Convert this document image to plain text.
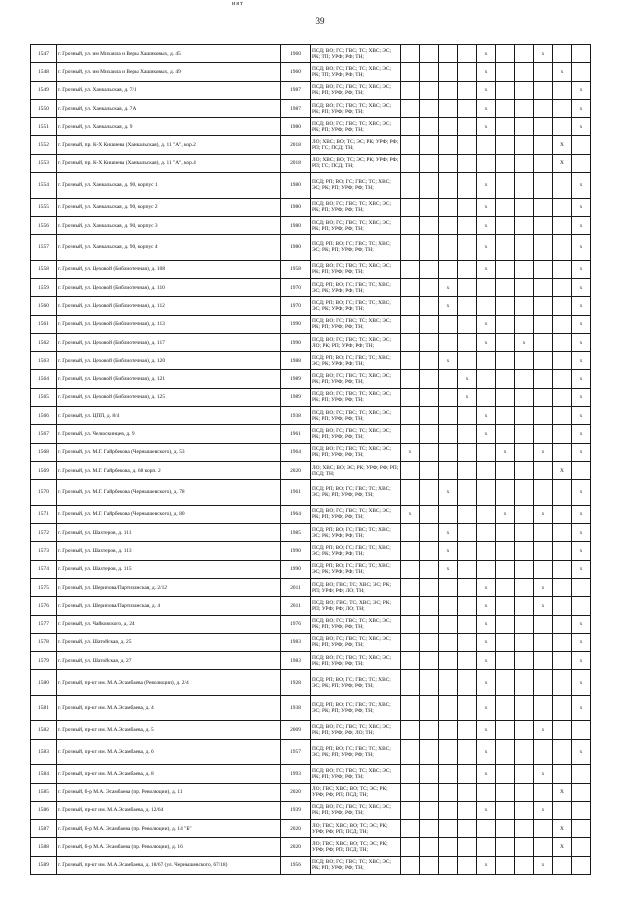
ият
39
1547	г. Грозный, ул. им Михаила и Веры Хашиковых, д. 45	1960	ПСД; ВО; ГС; ГВС; ТС; ХВС; ЭС; РК; ТП; УРФ; РФ; ТН;					x			x		
1548	г. Грозный, ул. им Михаила и Веры Хашиковых, д. 49	1960	ПСД; ВО; ГС; ГВС; ТС; ХВС; ЭС; РК; ТП; УРФ; РФ; ТН;					x				x	
1549	г. Грозный, ул. Ханкальская, д. 7/1	1987	ПСД; ВО; ГС; ГВС; ТС; ХВС; ЭС; РК; РП; УРФ; РФ; ТН;					x					x
1550	г. Грозный, ул. Ханкальская, д. 7А	1987	ПСД; ВО; ГС; ГВС; ТС; ХВС; ЭС; РК; РП; УРФ; РФ; ТН;					x					x
1551	г. Грозный, ул. Ханкальская, д. 9	1980	ПСД; ВО; ГС; ГВС; ТС; ХВС; ЭС; РК; РП; УРФ; РФ; ТН;					x					x
1552	г. Грозный, пр. К-Х Кишиева (Ханкальская), д. 11 "А", кор.2	2018	ЛО; ХВС; ВО; ТС; ЭС; РК; УРФ; РФ; РП; ГС; ПСД; ТН;									X	
1553	г. Грозный, пр. К-Х Кишиева (Ханкальская), д. 11 "А", кор.4	2018	ЛО; ХВС; ВО; ТС; ЭС; РК; УРФ; РФ; РП; ГС; ПСД; ТН;									X	
1554	г. Грозный, ул. Ханкальская, д. 90, корпус 1	1980	ПСД; РП; ВО; ГС; ГВС; ТС; ХВС; ЭС; РК; РП; УРФ; РФ; ТН;					x					x
1555	г. Грозный, ул. Ханкальская, д. 90, корпус 2	1980	ПСД; ВО; ГС; ГВС; ТС; ХВС; ЭС; РК; РП; УРФ; РФ; ТН;					x					x
1556	г. Грозный, ул. Ханкальская, д. 90, корпус 3	1980	ПСД; ВО; ГС; ГВС; ТС; ХВС; ЭС; РК; РП; УРФ; РФ; ТН;					x					x
1557	г. Грозный, ул. Ханкальская, д. 90, корпус 4	1980	ПСД; РП; ВО; ГС; ГВС; ТС; ХВС; ЭС; РК; РП; УРФ; РФ; ТН;					x					x
1558	г. Грозный, ул. Цеховой (Библиотечная), д. 108	1958	ПСД; ВО; ГС; ГВС; ТС; ХВС; ЭС; РК; РП; УРФ; РФ; ТН;					x					x
1559	г. Грозный, ул. Цеховой (Библиотечная), д. 110	1970	ПСД; РП; ВО; ГС; ГВС; ТС; ХВС; ЭС; РК; УРФ; РФ; ТН;			x							x
1560	г. Грозный, ул. Цеховой (Библиотечная), д. 112	1970	ПСД; РП; ВО; ГС; ГВС; ТС; ХВС; ЭС; РК; УРФ; РФ; ТН;			x							x
1561	г. Грозный, ул. Цеховой (Библиотечная), д. 113	1990	ПСД; ВО; ГС; ГВС; ТС; ХВС; ЭС; РК; РП; УРФ; РФ; ТН;					x					x
1562	г. Грозный, ул. Цеховой (Библиотечная), д. 117	1990	ПСД; ВО; ГС; ГВС; ТС; ХВС; ЭС; ЛО; РК; РП; УРФ; РФ; ТН;					x		x			x
1563	г. Грозный, ул. Цеховой (Библиотечная), д. 120	1988	ПСД; РП; ВО; ГС; ГВС; ТС; ХВС; ЭС; РК; УРФ; РФ; ТН;			x							x
1564	г. Грозный, ул. Цеховой (Библиотечная), д. 121	1989	ПСД; ВО; ГС; ГВС; ТС; ХВС; ЭС; РК; РП; УРФ; РФ; ТН;				x						x
1565	г. Грозный, ул. Цеховой (Библиотечная), д. 125	1989	ПСД; ВО; ГС; ГВС; ТС; ХВС; ЭС; РК; РП; УРФ; РФ; ТН;				x						x
1566	г. Грозный, ул. ЦПП, д. 8/4	1938	ПСД; ВО; ГС; ГВС; ТС; ХВС; ЭС; РК; РП; УРФ; РФ; ТН;					x					x
1567	г. Грозный, ул. Челюскинцев, д. 9	1961	ПСД; ВО; ГС; ГВС; ТС; ХВС; ЭС; РК; РП; УРФ; РФ; ТН;					x					x
1568	г. Грозный, ул. М.Г. Гайрбекова (Чернышевского), д. 53	1964	ПСД; ВО; ГС; ГВС; ТС; ХВС; ЭС; РК; РП; УРФ; РФ; ТН;	x					x		x		x
1569	г. Грозный, ул. М.Г. Гайрбекова, д. 68 корп. 2	2020	ЛО; ХВС; ВО; ЭС; РК; УРФ; РФ; РП; ПСД; ТН;									X	
1570	г. Грозный, ул. М.Г. Гайрбекова (Чернышевского), д. 78	1961	ПСД; РП; ВО; ГС; ГВС; ТС; ХВС; ЭС; РК; РП; УРФ; РФ; ТН;			x							x
1571	г. Грозный, ул. М.Г. Гайрбекова (Чернышевского), д. 80	1964	ПСД; ВО; ГС; ГВС; ТС; ХВС; ЭС; РК; РП; УРФ; РФ; ТН;	x					x		x		x
1572	г. Грозный, ул. Шахтеров, д. 111	1985	ПСД; РП; ВО; ГС; ГВС; ТС; ХВС; ЭС; РК; УРФ; РФ; ТН;			x							x
1573	г. Грозный, ул. Шахтеров, д. 113	1990	ПСД; РП; ВО; ГС; ГВС; ТС; ХВС; ЭС; РК; УРФ; РФ; ТН;			x							x
1574	г. Грозный, ул. Шахтеров, д. 115	1990	ПСД; РП; ВО; ГС; ГВС; ТС; ХВС; ЭС; РК; УРФ; РФ; ТН;			x							x
1575	г. Грозный, ул. Шерипова/Партизанская, д. 2/12	2011	ПСД; ВО; ГВС; ТС; ХВС; ЭС; РК; РП; УРФ; РФ; ЛО; ТН;					x			x		
1576	г. Грозный, ул. Шерипова/Партизанская, д. 4	2011	ПСД; ВО; ГВС; ТС; ХВС; ЭС; РК; РП; УРФ; РФ; ЛО; ТН;					x			x		
1577	г. Грозный, ул. Чайковского, д. 24	1976	ПСД; ВО; ГС; ГВС; ТС; ХВС; ЭС; РК; РП; УРФ; РФ; ТН;					x					x
1578	г. Грозный, ул. Шатойская, д. 25	1983	ПСД; ВО; ГС; ГВС; ТС; ХВС; ЭС; РК; РП; УРФ; РФ; ТН;					x					x
1579	г. Грозный, ул. Шатойская, д. 27	1983	ПСД; ВО; ГС; ГВС; ТС; ХВС; ЭС; РК; РП; УРФ; РФ; ТН;					x					x
1580	г. Грозный, пр-кт им. М.А.Эсамбаева (Революции), д. 2/4	1928	ПСД; РП; ВО; ГС; ГВС; ТС; ХВС; ЭС; РК; РП; УРФ; РФ; ТН;					x					x
1581	г. Грозный, пр-кт им. М.А.Эсамбаева, д. 4	1938	ПСД; РП; ВО; ГС; ГВС; ТС; ХВС; ЭС; РК; РП; УРФ; РФ; ТН;					x					x
1582	г. Грозный, пр-кт им. М.А.Эсамбаева, д. 5	2009	ПСД; ВО; ГС; ГВС; ТС; ХВС; ЭС; РК; РП; УРФ; РФ; ЛО; ТН;					x			x		
1583	г. Грозный, пр-кт им. М.А.Эсамбаева, д. 6	1957	ПСД; РП; ВО; ГС; ГВС; ТС; ХВС; ЭС; РК; РП; УРФ; РФ; ТН;					x					x
1584	г. Грозный, пр-кт им. М.А.Эсамбаева, д. 8	1993	ПСД; ВО; ГС; ГВС; ТС; ХВС; ЭС; РК; РП; УРФ; РФ; ТН;					x			x		
1585	г. Грозный, б-р М.А. Эсамбаева (пр. Революции), д. 11	2020	ЛО; ГВС; ХВС; ВО; ТС; ЭС; РК; УРФ; РФ; РП; ПСД; ТН;									X	
1586	г. Грозный, пр-кт им. М.А.Эсамбаева, д. 12/64	1939	ПСД; ВО; ГС; ГВС; ТС; ХВС; ЭС; РК; РП; УРФ; РФ; ТН;					x			x		
1587	г. Грозный, б-р М.А. Эсамбаева (пр. Революции), д. 14 "Б"	2020	ЛО; ГВС; ХВС; ВО; ТС; ЭС; РК; УРФ; РФ; РП; ПСД; ТН;									X	
1588	г. Грозный, б-р М.А. Эсамбаева (пр. Революции), д. 16	2020	ЛО; ГВС; ХВС; ВО; ТС; ЭС; РК; УРФ; РФ; РП; ПСД; ТН;									X	
1589	г. Грозный, пр-кт им. М.А.Эсамбаева, д. 18/67 (ул. Чернышевского, 67/18)	1956	ПСД; ВО; ГС; ГВС; ТС; ХВС; ЭС; РК; РП; УРФ; РФ; ТН;					x			x		
